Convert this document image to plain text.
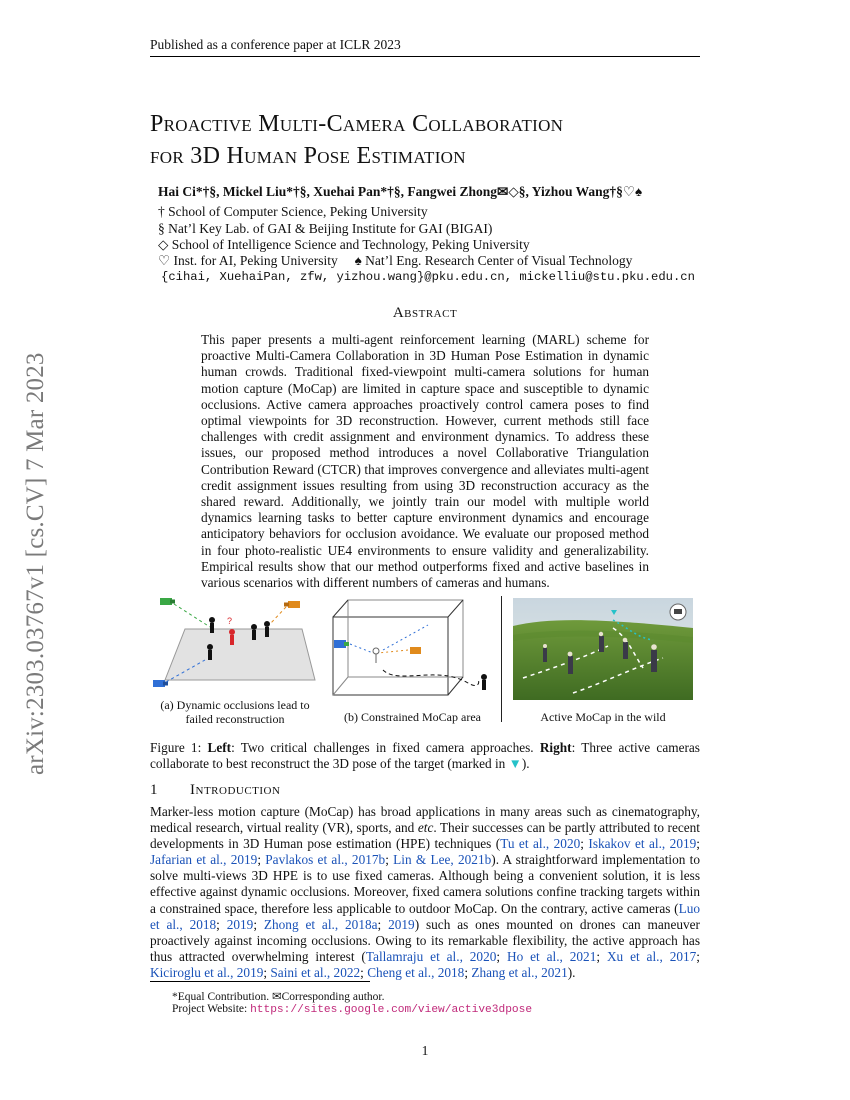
Published as a conference paper at ICLR 2023
arXiv:2303.03767v1 [cs.CV] 7 Mar 2023
Proactive Multi-Camera Collaboration
for 3D Human Pose Estimation
Hai Ci*†§, Mickel Liu*†§, Xuehai Pan*†§, Fangwei Zhong✉◇§, Yizhou Wang†§♡♠
† School of Computer Science, Peking University
§ Nat’l Key Lab. of GAI & Beijing Institute for GAI (BIGAI)
◇ School of Intelligence Science and Technology, Peking University
♡ Inst. for AI, Peking University     ♠ Nat’l Eng. Research Center of Visual Technology
{cihai, XuehaiPan, zfw, yizhou.wang}@pku.edu.cn, mickelliu@stu.pku.edu.cn
Abstract
This paper presents a multi-agent reinforcement learning (MARL) scheme for proactive Multi-Camera Collaboration in 3D Human Pose Estimation in dynamic human crowds. Traditional fixed-viewpoint multi-camera solutions for human motion capture (MoCap) are limited in capture space and susceptible to dynamic occlusions. Active camera approaches proactively control camera poses to find optimal viewpoints for 3D reconstruction. However, current methods still face challenges with credit assignment and environment dynamics. To address these issues, our proposed method introduces a novel Collaborative Triangulation Contribution Reward (CTCR) that improves convergence and alleviates multi-agent credit assignment issues resulting from using 3D reconstruction accuracy as the shared reward. Additionally, we jointly train our model with multiple world dynamics learning tasks to better capture environment dynamics and encourage anticipatory behaviors for occlusion avoidance. We evaluate our proposed method in four photo-realistic UE4 environments to ensure validity and generalizability. Empirical results show that our method outperforms fixed and active baselines in various scenarios with different numbers of cameras and humans.
?
(a) Dynamic occlusions lead to
failed reconstruction	(b) Constrained MoCap area	Active MoCap in the wild
Figure 1: Left: Two critical challenges in fixed camera approaches. Right: Three active cameras collaborate to best reconstruct the 3D pose of the target (marked in ▼).
1 Introduction
Marker-less motion capture (MoCap) has broad applications in many areas such as cinematography, medical research, virtual reality (VR), sports, and etc. Their successes can be partly attributed to recent developments in 3D Human pose estimation (HPE) techniques (Tu et al., 2020; Iskakov et al., 2019; Jafarian et al., 2019; Pavlakos et al., 2017b; Lin & Lee, 2021b). A straightforward implementation to solve multi-views 3D HPE is to use fixed cameras. Although being a convenient solution, it is less effective against dynamic occlusions. Moreover, fixed camera solutions confine tracking targets within a constrained space, therefore less applicable to outdoor MoCap. On the contrary, active cameras (Luo et al., 2018; 2019; Zhong et al., 2018a; 2019) such as ones mounted on drones can maneuver proactively against incoming occlusions. Owing to its remarkable flexibility, the active approach has thus attracted overwhelming interest (Tallamraju et al., 2020; Ho et al., 2021; Xu et al., 2017; Kiciroglu et al., 2019; Saini et al., 2022; Cheng et al., 2018; Zhang et al., 2021).
*Equal Contribution. ✉Corresponding author.
Project Website: https://sites.google.com/view/active3dpose
1
